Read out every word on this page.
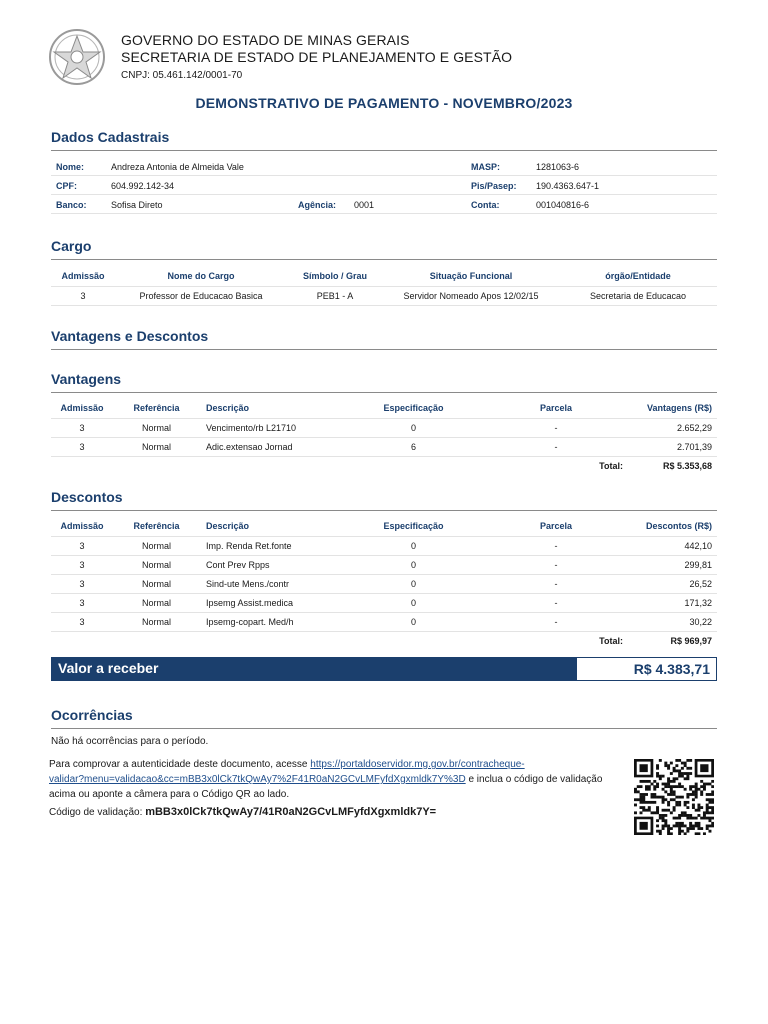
GOVERNO DO ESTADO DE MINAS GERAIS
SECRETARIA DE ESTADO DE PLANEJAMENTO E GESTÃO
CNPJ: 05.461.142/0001-70
DEMONSTRATIVO DE PAGAMENTO - NOVEMBRO/2023
Dados Cadastrais
Nome:	Andreza Antonia de Almeida Vale	MASP:	1281063-6
CPF:	604.992.142-34	Pis/Pasep: 190.4363.647-1
Banco:	Sofisa Direto	Agência: 0001	Conta:	001040816-6
Cargo
Admissão	Nome do Cargo	Símbolo / Grau	Situação Funcional	órgão/Entidade
3	Professor de Educacao Basica	PEB1 - A	Servidor Nomeado Apos 12/02/15	Secretaria de Educacao
Vantagens e Descontos
Vantagens
Admissão	Referência	Descrição	Especificação	Parcela	Vantagens (R$)
3	Normal	Vencimento/rb L21710	0	-	2.652,29
3	Normal	Adic.extensao Jornad	6	-	2.701,39
				Total:	R$ 5.353,68
Descontos
Admissão	Referência	Descrição	Especificação	Parcela	Descontos (R$)
3	Normal	Imp. Renda Ret.fonte	0	-	442,10
3	Normal	Cont Prev Rpps	0	-	299,81
3	Normal	Sind-ute Mens./contr	0	-	26,52
3	Normal	Ipsemg Assist.medica	0	-	171,32
3	Normal	Ipsemg-copart. Med/h	0	-	30,22
				Total:	R$ 969,97
Valor a receber	R$ 4.383,71
Ocorrências
Não há ocorrências para o período.
Para comprovar a autenticidade deste documento, acesse https://portaldoservidor.mg.gov.br/contracheque-
validar?menu=validacao&cc=mBB3x0lCk7tkQwAy7%2F41R0aN2GCvLMFyfdXgxmldk7Y%3D e inclua o código de validação
acima ou aponte a câmera para o Código QR ao lado.
Código de validação: mBB3x0lCk7tkQwAy7/41R0aN2GCvLMFyfdXgxmldk7Y=
